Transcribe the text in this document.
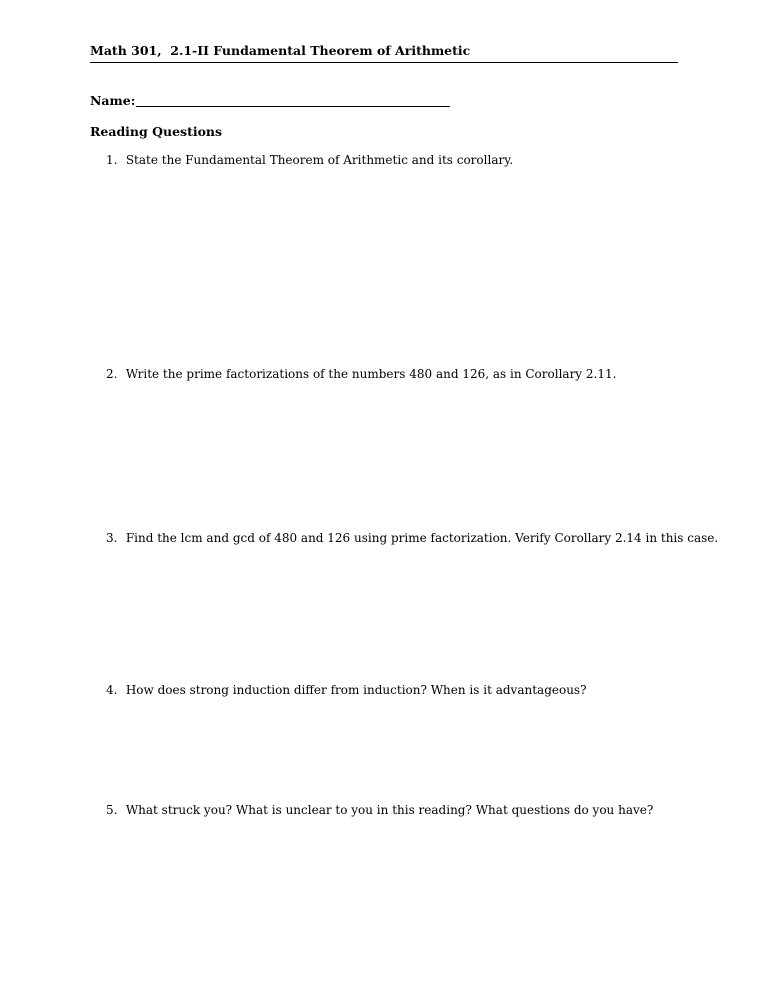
Math 301,  2.1-II Fundamental Theorem of Arithmetic
Name:
Reading Questions
1. State the Fundamental Theorem of Arithmetic and its corollary.
2. Write the prime factorizations of the numbers 480 and 126, as in Corollary 2.11.
3. Find the lcm and gcd of 480 and 126 using prime factorization. Verify Corollary 2.14 in this case.
4. How does strong induction differ from induction? When is it advantageous?
5. What struck you? What is unclear to you in this reading? What questions do you have?
